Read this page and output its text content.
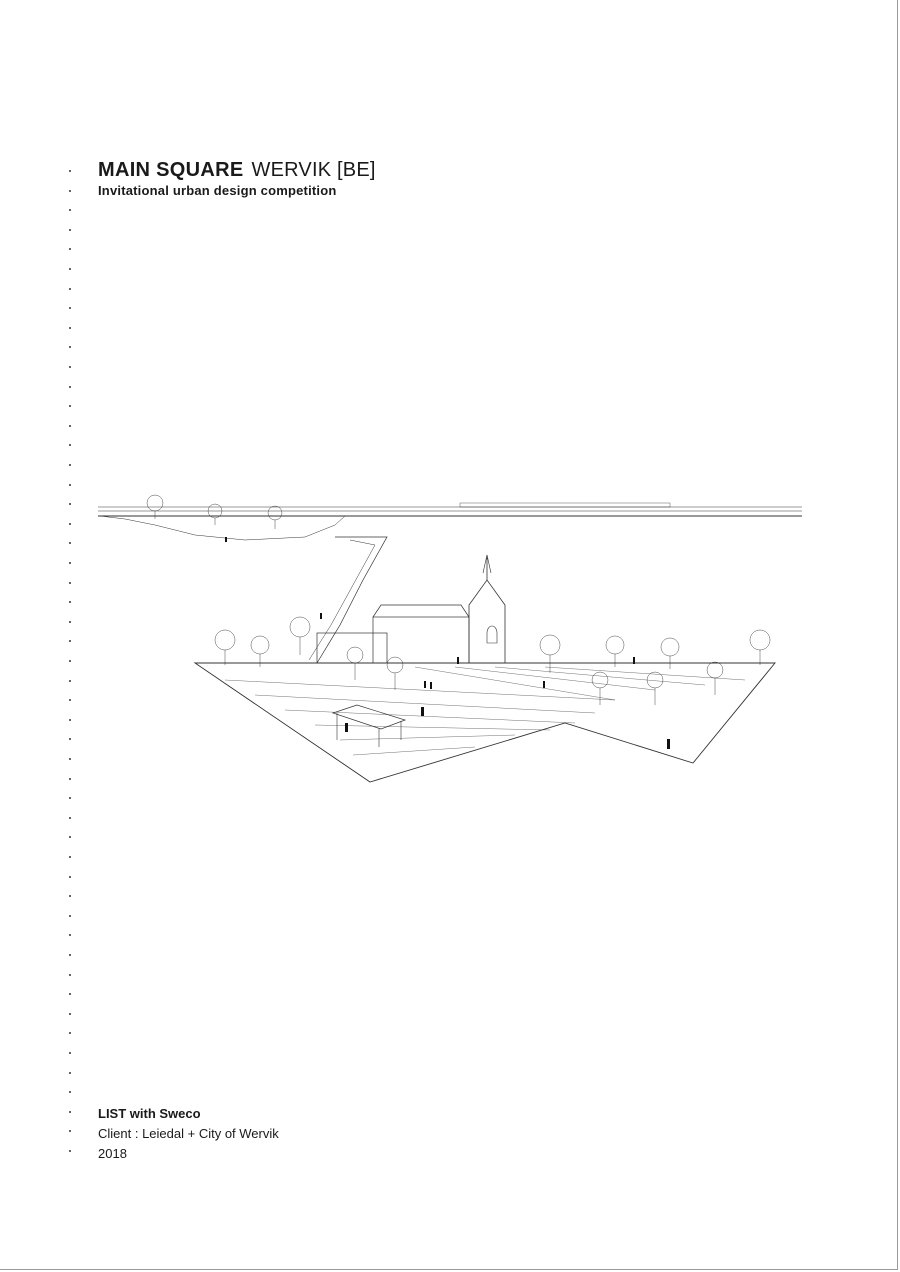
MAIN SQUARE WERVIK [BE]
Invitational urban design competition
LIST with Sweco
Client : Leiedal + City of Wervik
2018
